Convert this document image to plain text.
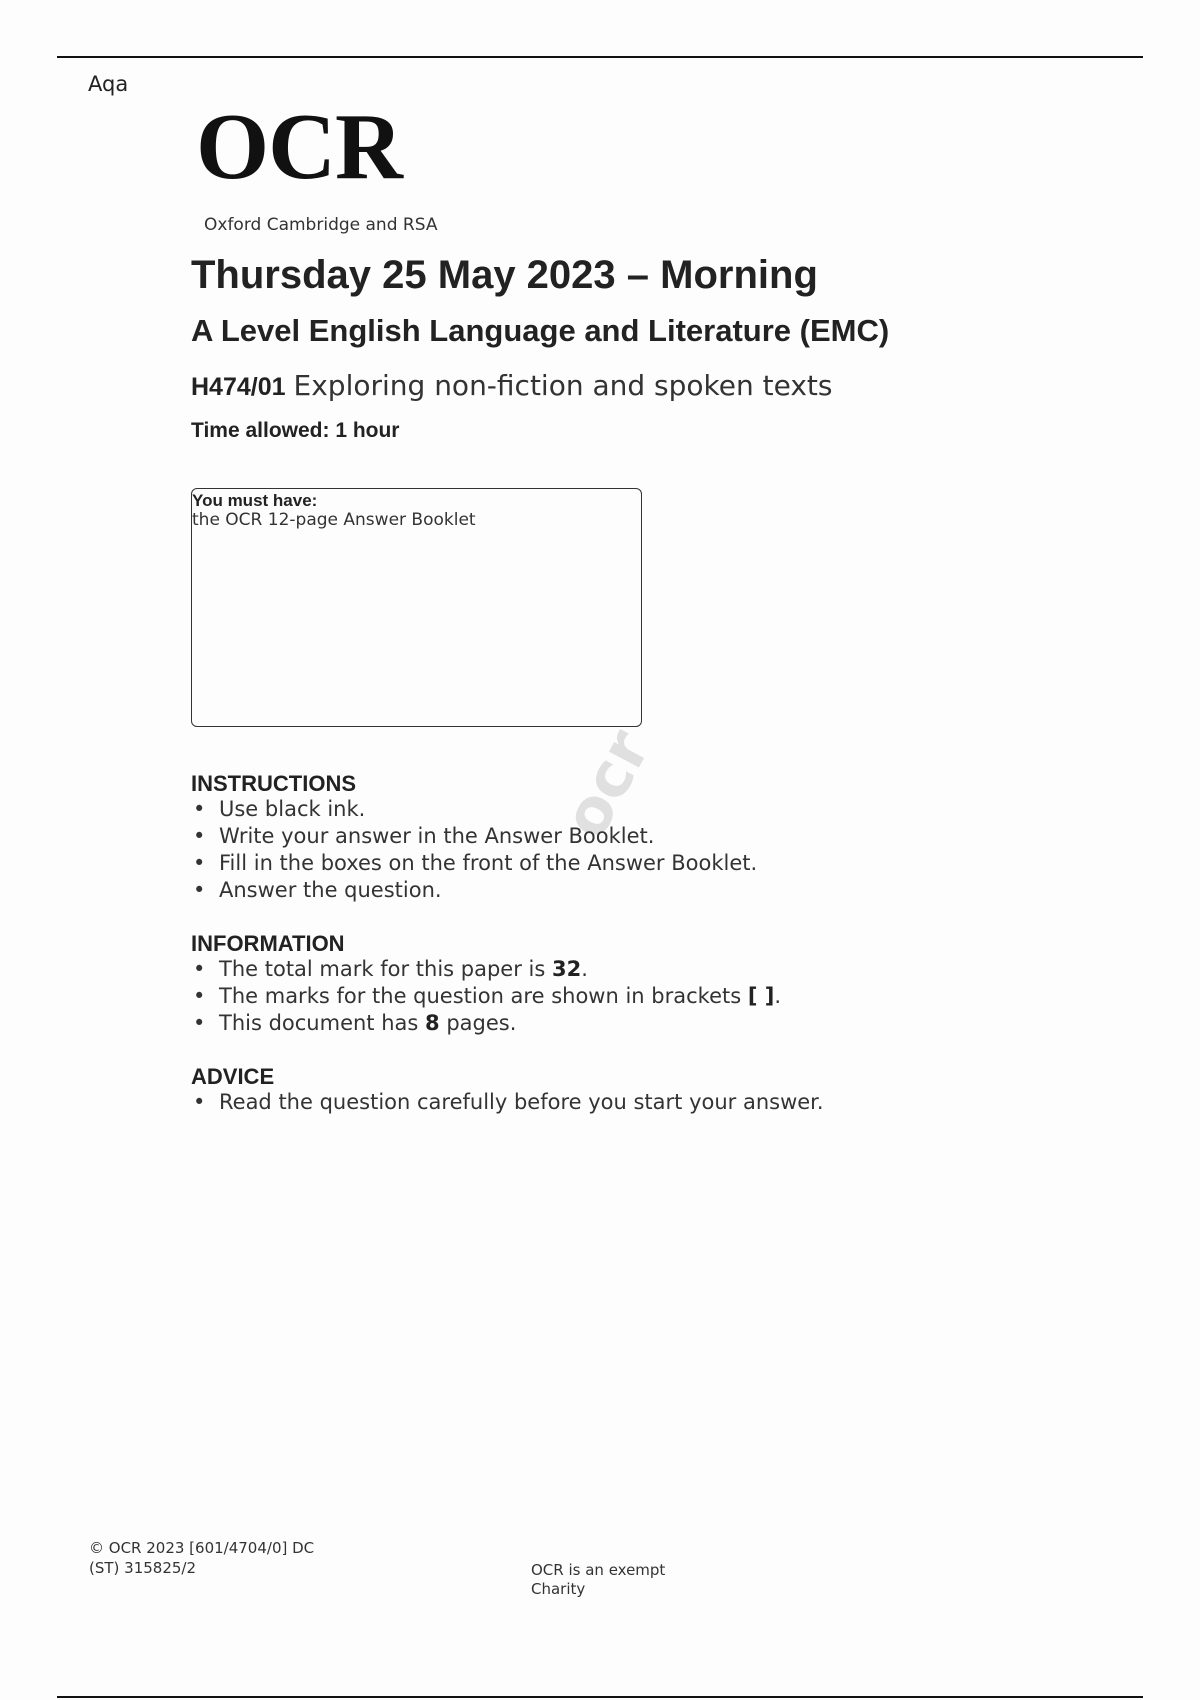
Aqa
OCR
Oxford Cambridge and RSA
Thursday 25 May 2023 – Morning
A Level English Language and Literature (EMC)
H474/01 Exploring non-fiction and spoken texts
Time allowed: 1 hour
You must have:
the OCR 12-page Answer Booklet
ocr
INSTRUCTIONS
• Use black ink.
• Write your answer in the Answer Booklet.
• Fill in the boxes on the front of the Answer Booklet.
• Answer the question.
INFORMATION
• The total mark for this paper is 32.
• The marks for the question are shown in brackets [ ].
• This document has 8 pages.
ADVICE
• Read the question carefully before you start your answer.
© OCR 2023 [601/4704/0] DC
(ST) 315825/2	OCR is an exempt
Charity
